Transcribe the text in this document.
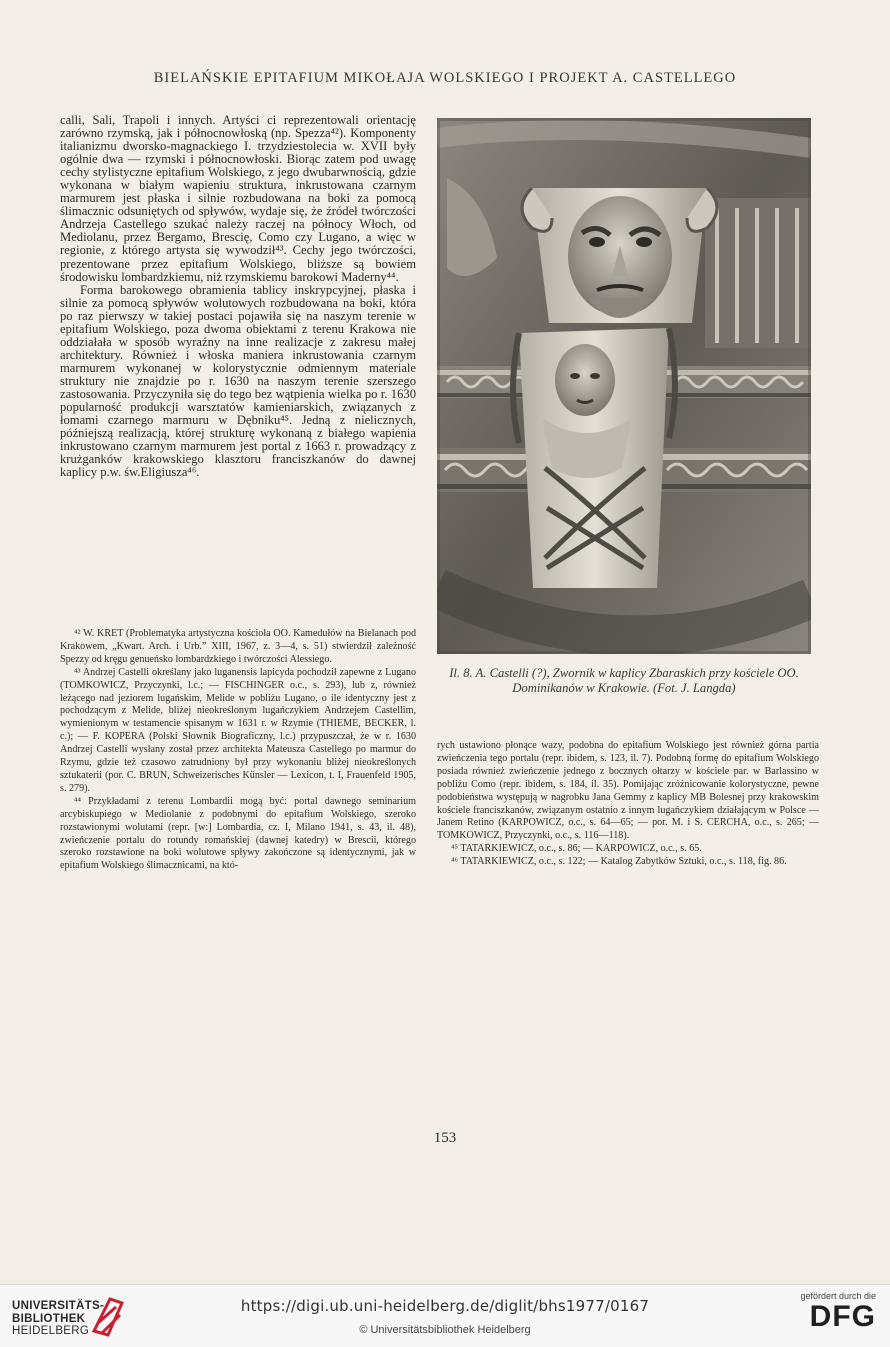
BIELAŃSKIE EPITAFIUM MIKOŁAJA WOLSKIEGO I PROJEKT A. CASTELLEGO

calli, Sali, Trapoli i innych. Artyści ci reprezentowali orientację zarówno rzymską, jak i północnowłoską (np. Spezza⁴²). Komponenty italianizmu dworsko-magnackiego I. trzydziestolecia w. XVII były ogólnie dwa — rzymski i północnowłoski. Biorąc zatem pod uwagę cechy stylistyczne epitafium Wolskiego, z jego dwubarwnością, gdzie wykonana w białym wapieniu struktura, inkrustowana czarnym marmurem jest płaska i silnie rozbudowana na boki za pomocą ślimacznic odsuniętych od spływów, wydaje się, że źródeł twórczości Andrzeja Castellego szukać należy raczej na północy Włoch, od Mediolanu, przez Bergamo, Brescię, Como czy Lugano, a więc w regionie, z którego artysta się wywodził⁴³. Cechy jego twórczości, prezentowane przez epitafium Wolskiego, bliższe są bowiem środowisku lombardzkiemu, niż rzymskiemu barokowi Maderny⁴⁴.

Forma barokowego obramienia tablicy inskrypcyjnej, płaska i silnie za pomocą spływów wolutowych rozbudowana na boki, która po raz pierwszy w takiej postaci pojawiła się na naszym terenie w epitafium Wolskiego, poza dwoma obiektami z terenu Krakowa nie oddziałała w sposób wyraźny na inne realizacje z zakresu małej architektury. Również i włoska maniera inkrustowania czarnym marmurem wykonanej w kolorystycznie odmiennym materiale struktury nie znajdzie po r. 1630 na naszym terenie szerszego zastosowania. Przyczyniła się do tego bez wątpienia wielka po r. 1630 popularność produkcji warsztatów kamieniarskich, związanych z łomami czarnego marmuru w Dębniku⁴⁵. Jedną z nielicznych, późniejszą realizacją, której strukturę wykonaną z białego wapienia inkrustowano czarnym marmurem jest portal z 1663 r. prowadzący z krużganków krakowskiego klasztoru franciszkanów do dawnej kaplicy p.w. św.Eligiusza⁴⁶.

⁴² W. KRET (Problematyka artystyczna kościoła OO. Kamedułów na Bielanach pod Krakowem, „Kwart. Arch. i Urb.” XIII, 1967, z. 3—4, s. 51) stwierdził zależność Spezzy od kręgu genueńsko lombardzkiego i twórczości Alessiego.

⁴³ Andrzej Castelli określany jako luganensis lapicyda pochodził zapewne z Lugano (TOMKOWICZ, Przyczynki, l.c.; — FISCHINGER o.c., s. 293), lub z, również leżącego nad jeziorem lugańskim, Melide w pobliżu Lugano, o ile identyczny jest z pochodzącym z Melide, bliżej nieokreślonym lugańczykiem Andrzejem Castellim, wymienionym w testamencie spisanym w 1631 r. w Rzymie (THIEME, BECKER, l. c.); — F. KOPERA (Polski Słownik Biograficzny, l.c.) przypuszczał, że w r. 1630 Andrzej Castelli wysłany został przez architekta Mateusza Castellego po marmur do Rzymu, gdzie też czasowo zatrudniony był przy wykonaniu bliżej nieokreślonych sztukaterii (por. C. BRUN, Schweizerisches Künsler — Lexicon, t. I, Frauenfeld 1905, s. 279).

⁴⁴ Przykładami z terenu Lombardii mogą być: portal dawnego seminarium arcybiskupiego w Mediolanie z podobnymi do epitafium Wolskiego, szeroko rozstawionymi wolutami (repr. [w:] Lombardia, cz. I, Milano 1941, s. 43, il. 48), zwieńczenie portalu do rotundy romańskiej (dawnej katedry) w Brescii, którego szeroko rozstawione na boki wolutowe spływy zakończone są identycznymi, jak w epitafium Wolskiego ślimacznicami, na któ-

Il. 8. A. Castelli (?), Zwornik w kaplicy Zbaraskich przy kościele OO. Dominikanów w Krakowie. (Fot. J. Langda)

rych ustawiono płonące wazy, podobna do epitafium Wolskiego jest również górna partia zwieńczenia tego portalu (repr. ibidem, s. 123, il. 7). Podobną formę do epitafium Wolskiego posiada również zwieńczenie jednego z bocznych ołtarzy w kościele par. w Barlassino w pobliżu Como (repr. ibidem, s. 184, il. 35). Pomijając zróżnicowanie kolorystyczne, pewne podobieństwa występują w nagrobku Jana Gemmy z kaplicy MB Bolesnej przy krakowskim kościele franciszkanów, związanym ostatnio z innym lugańczykiem działającym w Polsce — Janem Retino (KARPOWICZ, o.c., s. 64—65; — por. M. i S. CERCHA, o.c., s. 265; — TOMKOWICZ, Przyczynki, o.c., s. 116—118).

⁴⁵ TATARKIEWICZ, o.c., s. 86; — KARPOWICZ, o.c., s. 65.

⁴⁶ TATARKIEWICZ, o.c., s. 122; — Katalog Zabytków Sztuki, o.c., s. 118, fig. 86.

153
UNIVERSITÄTS-
BIBLIOTHEK
HEIDELBERG
https://digi.ub.uni-heidelberg.de/diglit/bhs1977/0167
© Universitätsbibliothek Heidelberg
gefördert durch die
DFG
